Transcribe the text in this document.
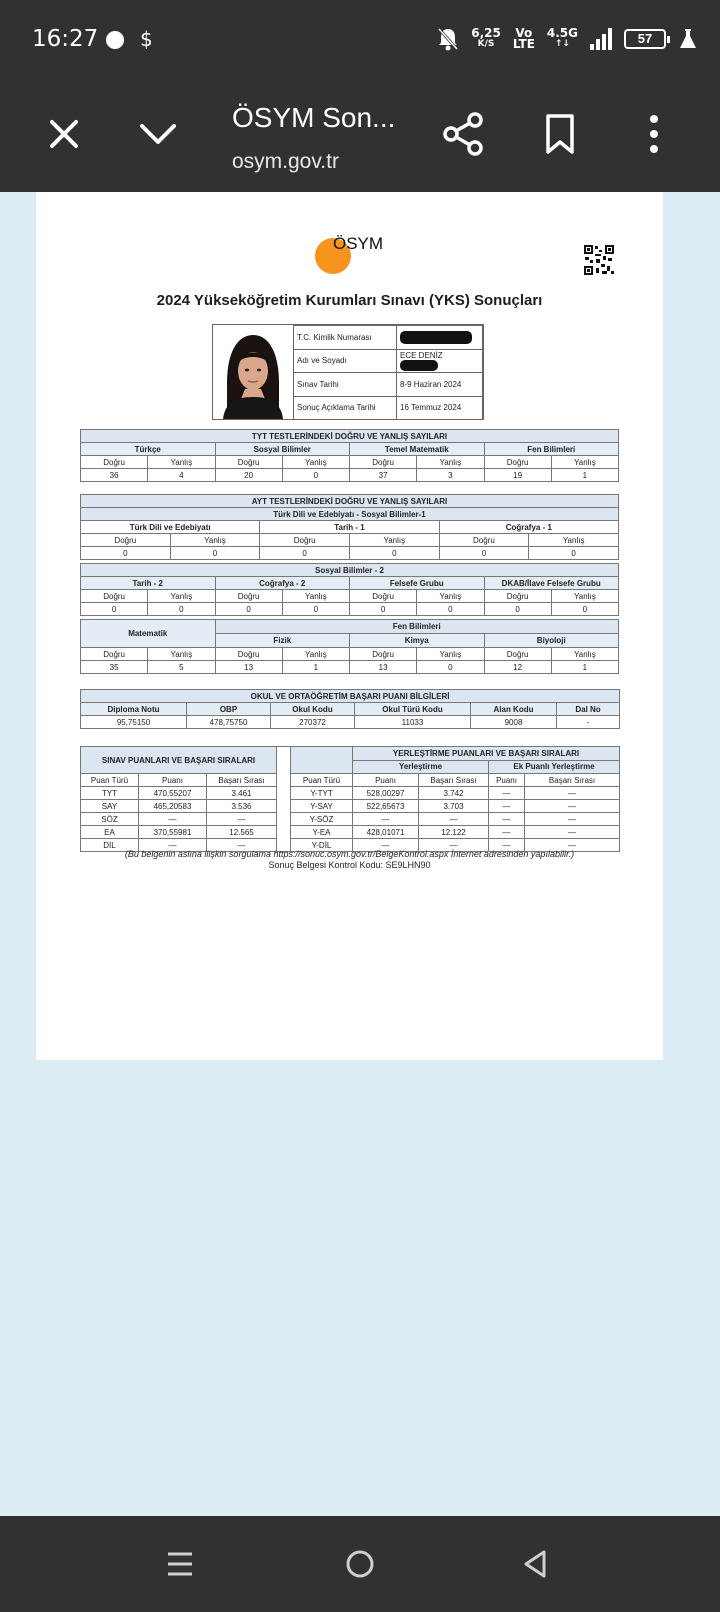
16:27 $	6,25
K/S
Vo
LTE
4.5G
↑↓	57
ÖSYM Son...
osym.gov.tr
ÖSYM
2024 Yükseköğretim Kurumları Sınavı (YKS) Sonuçları
T.C. Kimlik Numarası	
Adı ve Soyadı	ECE DENİZ
Sınav Tarihi	8-9 Haziran 2024
Sonuç Açıklama Tarihi	16 Temmuz 2024
TYT TESTLERİNDEKİ DOĞRU VE YANLIŞ SAYILARI							
Türkçe		Sosyal Bilimler		Temel Matematik		Fen Bilimleri	
Doğru	Yanlış	Doğru	Yanlış	Doğru	Yanlış	Doğru	Yanlış
36	4	20	0	37	3	19	1
AYT TESTLERİNDEKİ DOĞRU VE YANLIŞ SAYILARI					
Türk Dili ve Edebiyatı - Sosyal Bilimler-1					
Türk Dili ve Edebiyatı		Tarih - 1		Coğrafya - 1	
Doğru	Yanlış	Doğru	Yanlış	Doğru	Yanlış
0	0	0	0	0	0
Sosyal Bilimler - 2							
Tarih - 2		Coğrafya - 2		Felsefe Grubu		DKAB/İlave Felsefe Grubu	
Doğru	Yanlış	Doğru	Yanlış	Doğru	Yanlış	Doğru	Yanlış
0	0	0	0	0	0	0	0
Matematik		Fen Bilimleri					
		Fizik		Kimya		Biyoloji	
Doğru	Yanlış	Doğru	Yanlış	Doğru	Yanlış	Doğru	Yanlış
35	5	13	1	13	0	12	1
OKUL VE ORTAÖĞRETİM BAŞARI PUANI BİLGİLERİ					
Diploma Notu	OBP	Okul Kodu	Okul Türü Kodu	Alan Kodu	Dal No
95,75150	478,75750	270372	11033	9008	-
SINAV PUANLARI VE BAŞARI SIRALARI					YERLEŞTİRME PUANLARI VE BAŞARI SIRALARI			
					Yerleştirme		Ek Puanlı Yerleştirme	
Puan Türü	Puanı	Başarı Sırası		Puan Türü	Puanı	Başarı Sırası	Puanı	Başarı Sırası
TYT	470,55207	3.461		Y-TYT	528,00297	3.742	—	—
SAY	465,20583	3.536		Y-SAY	522,65673	3.703	—	—
SÖZ	—	—		Y-SÖZ	—	—	—	—
EA	370,55981	12.565		Y-EA	428,01071	12.122	—	—
DİL	—	—		Y-DİL	—	—	—	—
(Bu belgenin aslına ilişkin sorgulama https://sonuc.osym.gov.tr/BelgeKontrol.aspx İnternet adresinden yapılabilir.)
Sonuç Belgesi Kontrol Kodu: SE9LHN90
